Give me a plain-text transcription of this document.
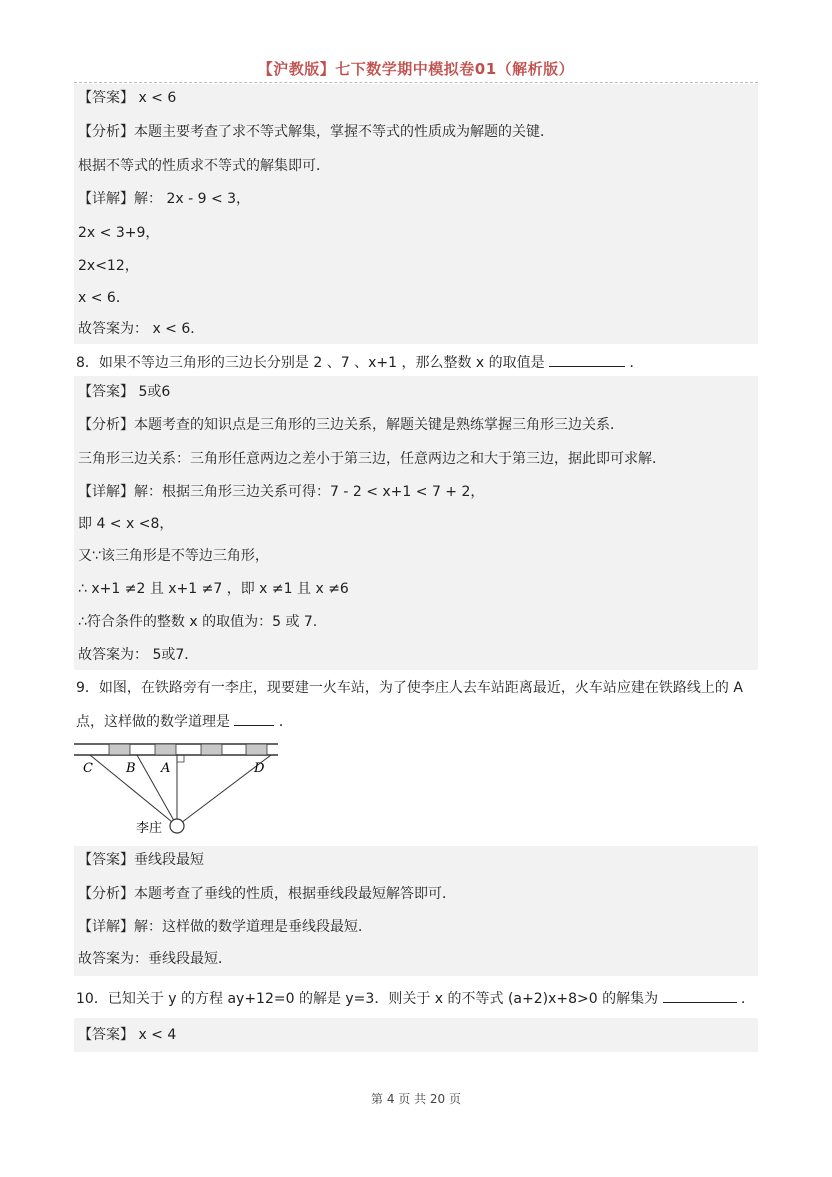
【沪教版】七下数学期中模拟卷01（解析版）
【答案】 x < 6
【分析】本题主要考查了求不等式解集，掌握不等式的性质成为解题的关键．
根据不等式的性质求不等式的解集即可．
【详解】解： 2x - 9 < 3，
2x < 3+9，
2x<12，
x < 6．
故答案为： x < 6．
8．如果不等边三角形的三边长分别是 2 、7 、x+1 ，那么整数 x 的取值是	．
【答案】 5或6
【分析】本题考查的知识点是三角形的三边关系，解题关键是熟练掌握三角形三边关系．
三角形三边关系：三角形任意两边之差小于第三边，任意两边之和大于第三边，据此即可求解．
【详解】解：根据三角形三边关系可得：7 - 2 < x+1 < 7 + 2，
即 4 < x <8，
又∵该三角形是不等边三角形，
∴ x+1 ≠2 且 x+1 ≠7 ，即 x ≠1 且 x ≠6
∴符合条件的整数 x 的取值为：5 或 7.
故答案为： 5或7．
9．如图，在铁路旁有一李庄，现要建一火车站，为了使李庄人去车站距离最近，火车站应建在铁路线上的 A
点，这样做的数学道理是	．
C	B A	D
李庄
【答案】垂线段最短
【分析】本题考查了垂线的性质，根据垂线段最短解答即可．
【详解】解：这样做的数学道理是垂线段最短．
故答案为：垂线段最短．
10．已知关于 y 的方程 ay+12=0 的解是 y=3．则关于 x 的不等式 (a+2)x+8>0 的解集为	．
【答案】 x < 4
第 4 页 共 20 页
